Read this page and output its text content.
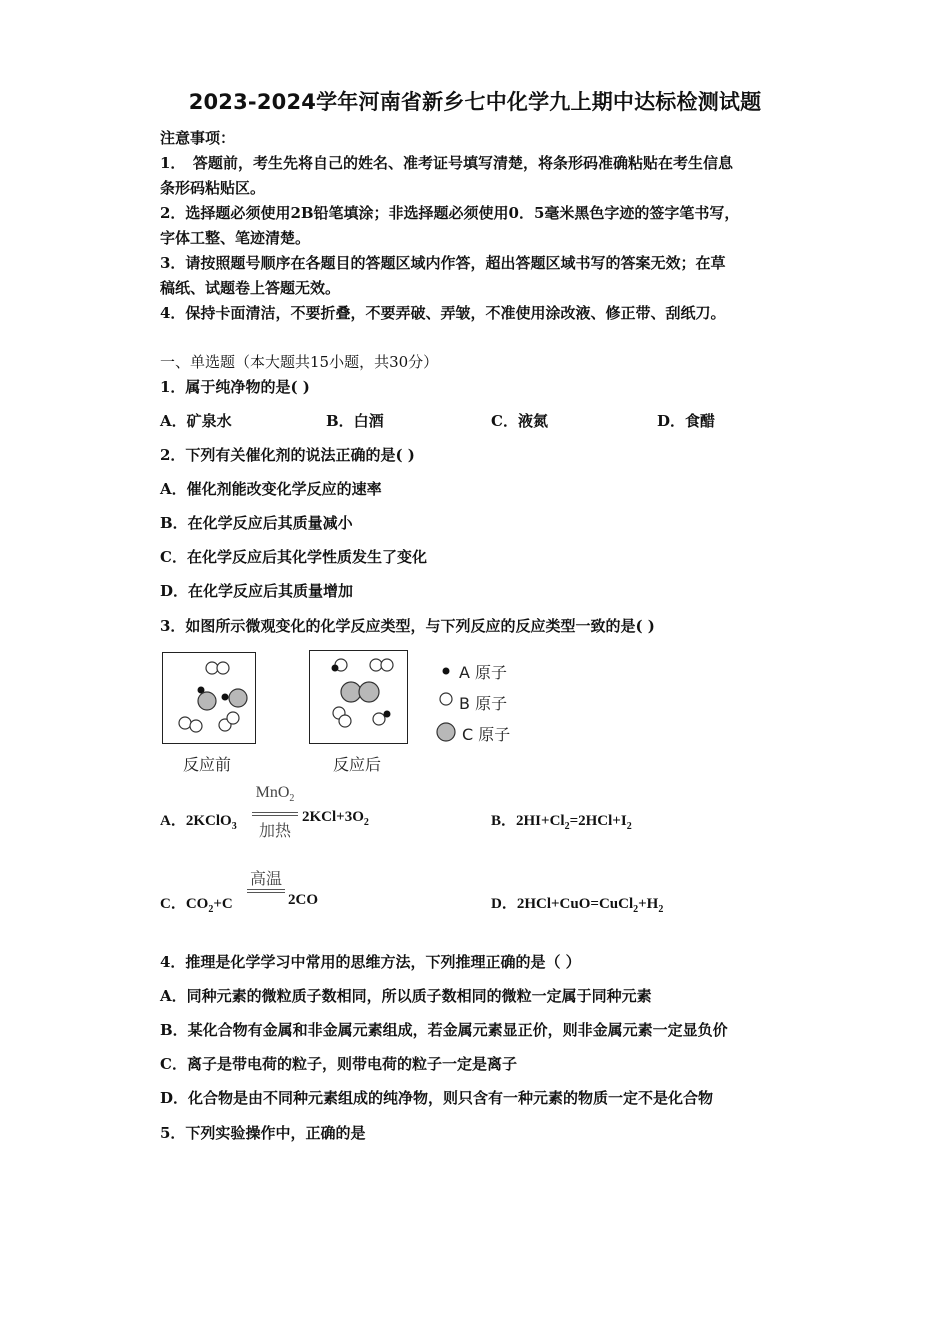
2023-2024学年河南省新乡七中化学九上期中达标检测试题
注意事项：
1．　答题前，考生先将自己的姓名、准考证号填写清楚，将条形码准确粘贴在考生信息
条形码粘贴区。
2．选择题必须使用2B铅笔填涂；非选择题必须使用0．5毫米黑色字迹的签字笔书写，
字体工整、笔迹清楚。
3．请按照题号顺序在各题目的答题区域内作答，超出答题区域书写的答案无效；在草
稿纸、试题卷上答题无效。
4．保持卡面清洁，不要折叠，不要弄破、弄皱，不准使用涂改液、修正带、刮纸刀。
一、单选题（本大题共15小题，共30分）
1．属于纯净物的是( )
A．矿泉水	B．白酒	C．液氮	D．食醋
2．下列有关催化剂的说法正确的是( )
A．催化剂能改变化学反应的速率
B．在化学反应后其质量减小
C．在化学反应后其化学性质发生了变化
D．在化学反应后其质量增加
3．如图所示微观变化的化学反应类型，与下列反应的反应类型一致的是( )
反应前	反应后
A 原子
B 原子
C 原子
A．2KClO$_3$
MnO$_2$
加热
$2KCl+3O_2$	B．$2HI+Cl_2=2HCl+I_2$
C．$CO_2+C$
高温
2CO	D．$2HCl+CuO=CuCl_2+H_2$
4．推理是化学学习中常用的思维方法，下列推理正确的是（ ）
A．同种元素的微粒质子数相同，所以质子数相同的微粒一定属于同种元素
B．某化合物有金属和非金属元素组成，若金属元素显正价，则非金属元素一定显负价
C．离子是带电荷的粒子，则带电荷的粒子一定是离子
D．化合物是由不同种元素组成的纯净物，则只含有一种元素的物质一定不是化合物
5．下列实验操作中，正确的是
